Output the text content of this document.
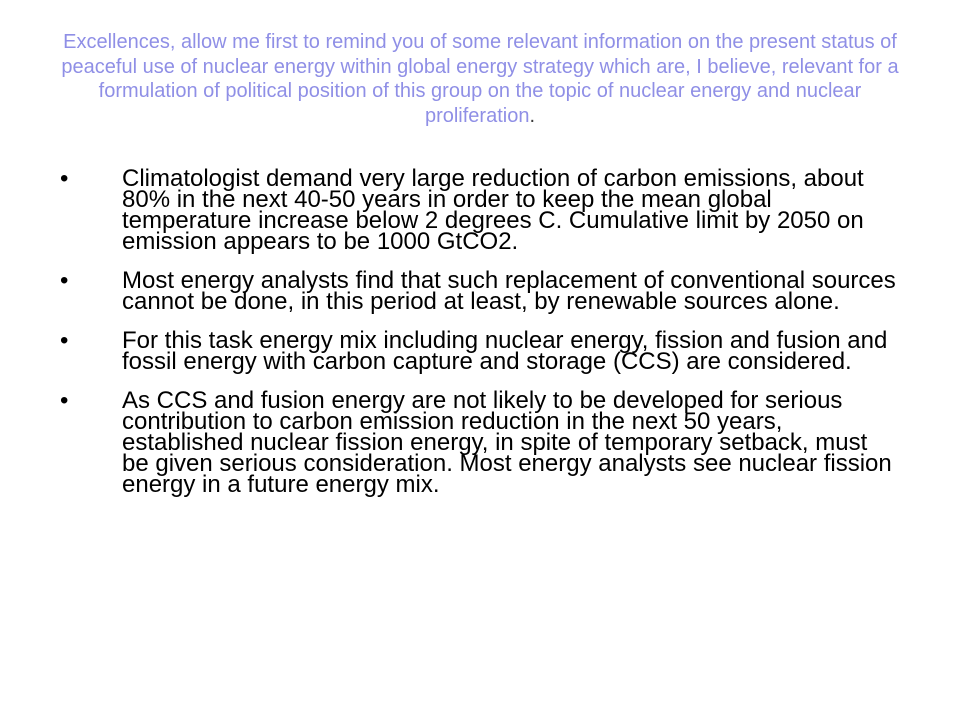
Excellences, allow me first to remind you of some relevant information on the present status of peaceful use of nuclear energy within global energy strategy which are, I believe, relevant for a formulation of political position of this group on the topic of nuclear energy and nuclear proliferation.

•	Climatologist demand very large reduction of carbon emissions, about 80% in the next 40-50 years in order to keep the mean global temperature increase below 2 degrees C. Cumulative limit by 2050 on emission appears to be 1000 GtCO2.
•	Most energy analysts find that such replacement of conventional sources cannot be done, in this period at least, by renewable sources alone.
•	For this task energy mix including nuclear energy, fission and fusion and fossil energy with carbon capture and storage (CCS) are considered.
•	As CCS and fusion energy are not likely to be developed for serious contribution to carbon emission reduction in the next 50 years, established nuclear fission energy, in spite of temporary setback, must be given serious consideration. Most energy analysts see nuclear fission energy in a future energy mix.
